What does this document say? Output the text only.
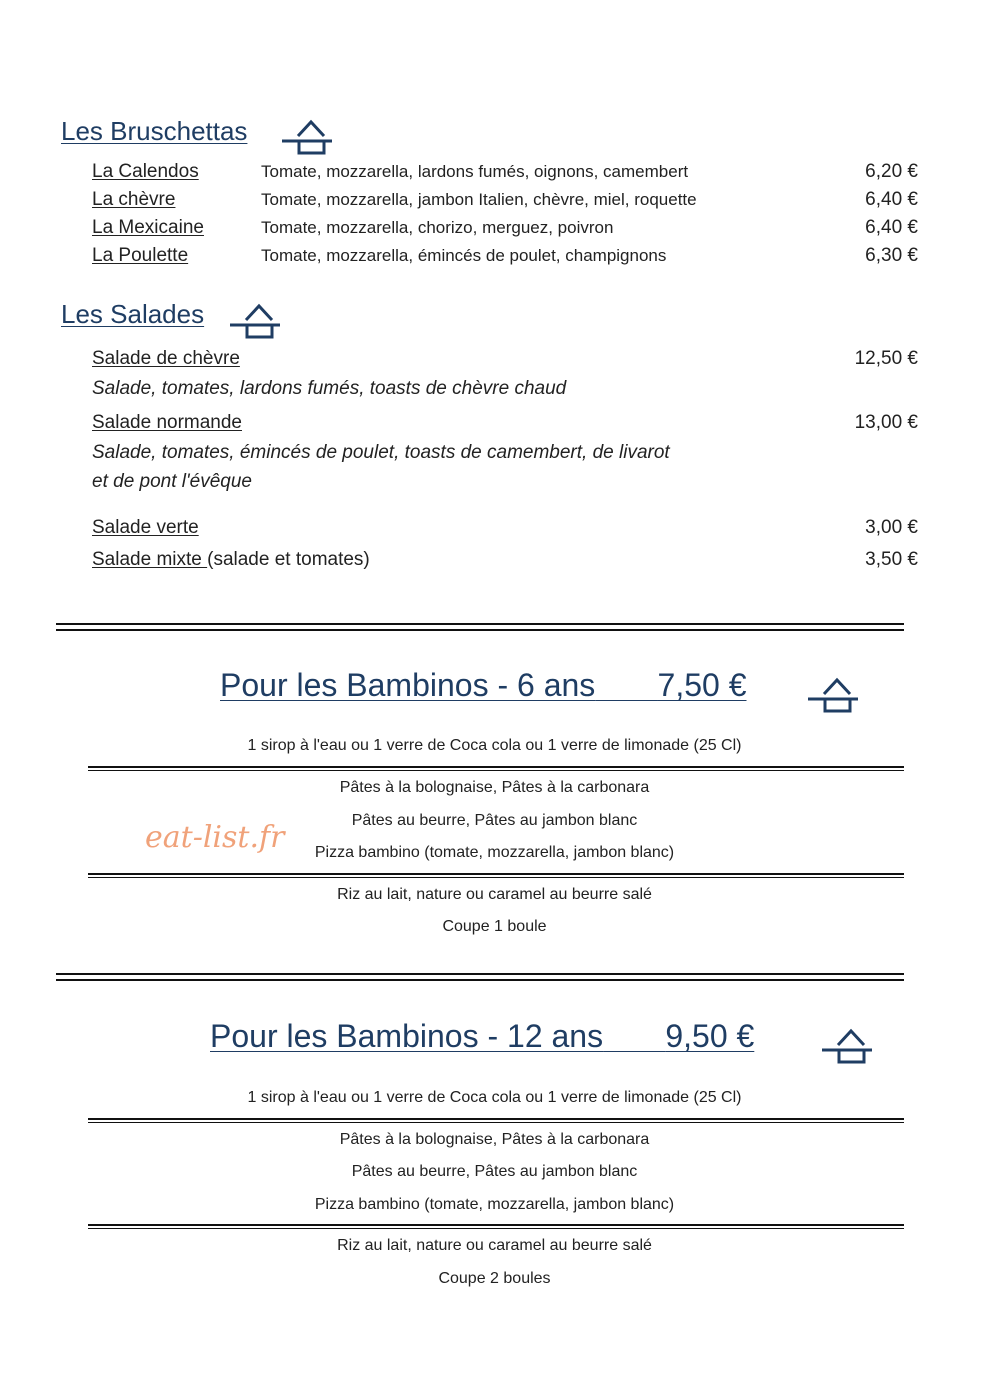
Les Bruschettas
La Calendos	Tomate, mozzarella, lardons fumés, oignons, camembert	6,20 €
La chèvre	Tomate, mozzarella, jambon Italien, chèvre, miel, roquette	6,40 €
La Mexicaine	Tomate, mozzarella, chorizo, merguez, poivron	6,40 €
La Poulette	Tomate, mozzarella, émincés de poulet, champignons	6,30 €
Les Salades
Salade de chèvre	12,50 €
Salade, tomates, lardons fumés, toasts de chèvre chaud
Salade normande	13,00 €
Salade, tomates, émincés de poulet, toasts de camembert, de livarot
et de pont l'évêque
Salade verte	3,00 €
Salade mixte (salade et tomates)	3,50 €
Pour les Bambinos - 6 ans 7,50 €
1 sirop à l'eau ou 1 verre de Coca cola ou 1 verre de limonade (25 Cl)
Pâtes à la bolognaise, Pâtes à la carbonara
Pâtes au beurre, Pâtes au jambon blanc
Pizza bambino (tomate, mozzarella, jambon blanc)
eat-list.fr
Riz au lait, nature ou caramel au beurre salé
Coupe 1 boule
Pour les Bambinos - 12 ans 9,50 €
1 sirop à l'eau ou 1 verre de Coca cola ou 1 verre de limonade (25 Cl)
Pâtes à la bolognaise, Pâtes à la carbonara
Pâtes au beurre, Pâtes au jambon blanc
Pizza bambino (tomate, mozzarella, jambon blanc)
Riz au lait, nature ou caramel au beurre salé
Coupe 2 boules
